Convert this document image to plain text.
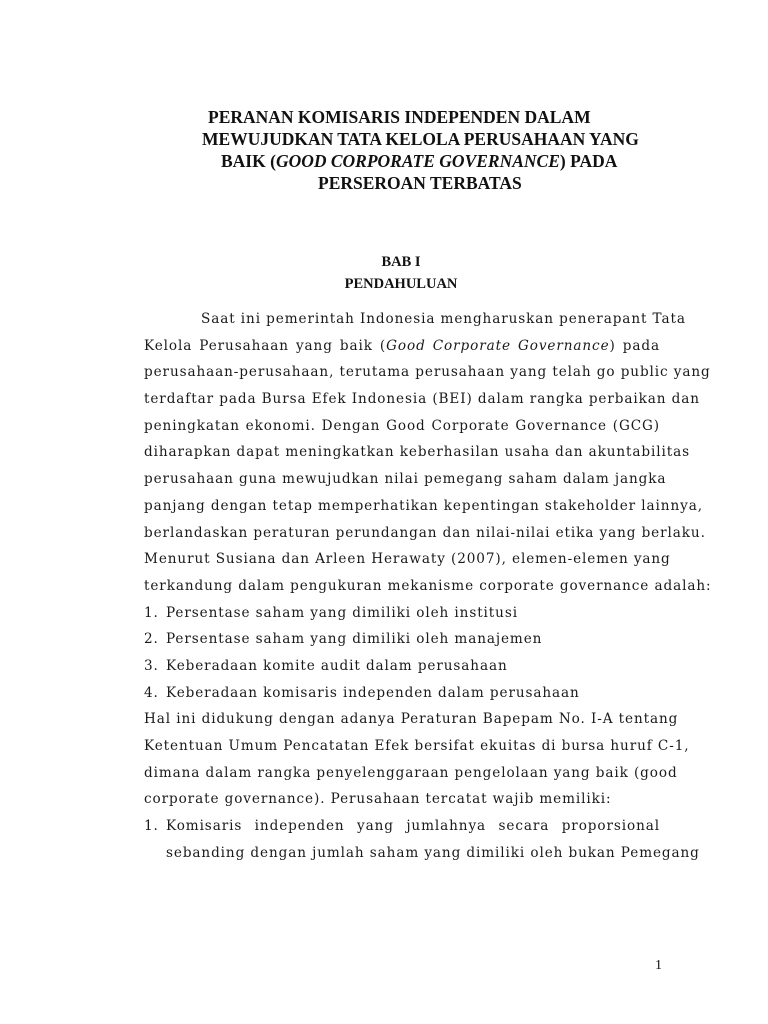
PERANAN KOMISARIS INDEPENDEN DALAM
MEWUJUDKAN TATA KELOLA PERUSAHAAN YANG
BAIK (GOOD CORPORATE GOVERNANCE) PADA
PERSEROAN TERBATAS
BAB I
PENDAHULUAN
Saat ini pemerintah Indonesia mengharuskan penerapant Tata
Kelola Perusahaan yang baik (Good Corporate Governance) pada
perusahaan-perusahaan, terutama perusahaan yang telah go public yang
terdaftar pada Bursa Efek Indonesia (BEI) dalam rangka perbaikan dan
peningkatan ekonomi. Dengan Good Corporate Governance (GCG)
diharapkan dapat meningkatkan keberhasilan usaha dan akuntabilitas
perusahaan guna mewujudkan nilai pemegang saham dalam jangka
panjang dengan tetap memperhatikan kepentingan stakeholder lainnya,
berlandaskan peraturan perundangan dan nilai-nilai etika yang berlaku.
Menurut Susiana dan Arleen Herawaty (2007), elemen-elemen yang
terkandung dalam pengukuran mekanisme corporate governance adalah:
1. Persentase saham yang dimiliki oleh institusi
2. Persentase saham yang dimiliki oleh manajemen
3. Keberadaan komite audit dalam perusahaan
4. Keberadaan komisaris independen dalam perusahaan
Hal ini didukung dengan adanya Peraturan Bapepam No. I-A tentang
Ketentuan Umum Pencatatan Efek bersifat ekuitas di bursa huruf C-1,
dimana dalam rangka penyelenggaraan pengelolaan yang baik (good
corporate governance). Perusahaan tercatat wajib memiliki:
1. Komisaris independen yang jumlahnya secara proporsional
sebanding dengan jumlah saham yang dimiliki oleh bukan Pemegang
1
